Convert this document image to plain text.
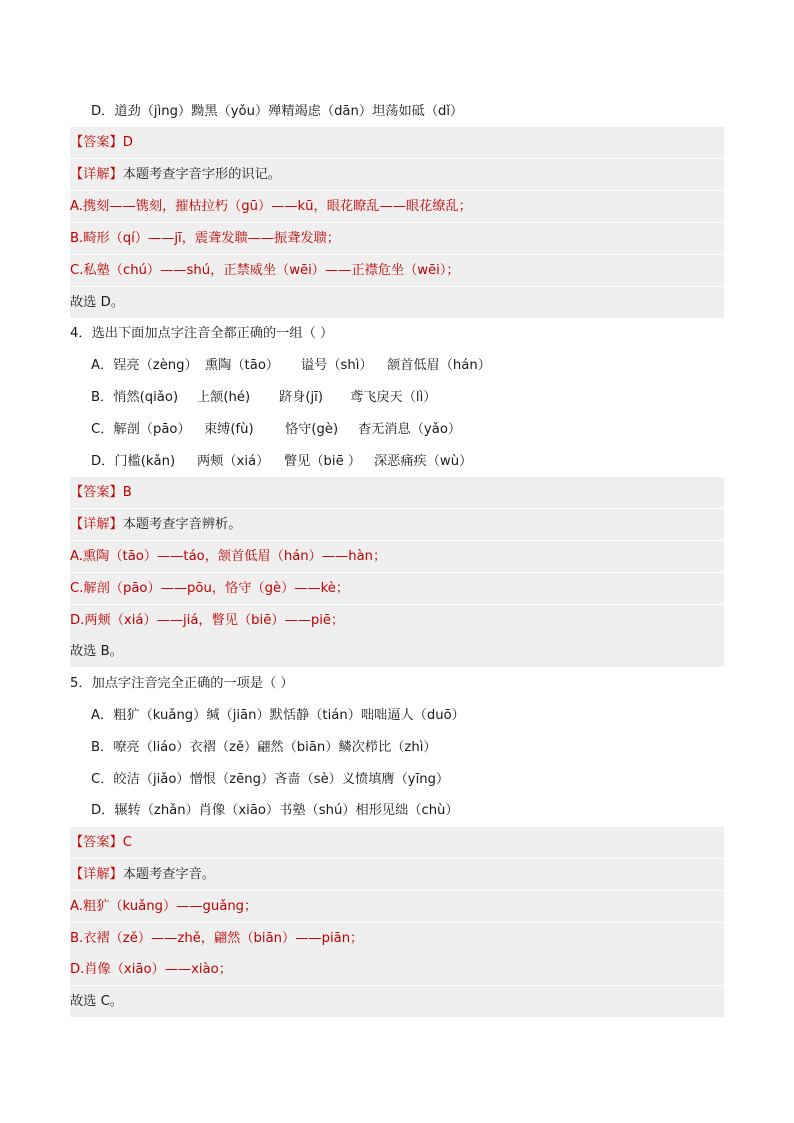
D．道劲（jìng）黝黑（yǒu）殚精竭虑（dān）坦荡如砥（dǐ）
【答案】D
【详解】本题考查字音字形的识记。
A.携刻——镌刻，摧枯拉朽（gū）——kū，眼花瞭乱——眼花缭乱；
B.畸形（qí）——jī，震聋发聩——振聋发聩；
C.私塾（chú）——shú，正禁威坐（wēi）——正襟危坐（wēi）；
故选 D。
4．选出下面加点字注音全都正确的一组（ ）
A．锃亮（zèng） 熏陶（tāo） 谥号（shì） 颔首低眉（hán）
B．悄然(qiǎo) 上颔(hé) 跻身(jī) 鸢飞戾天（lì）
C．解剖（pāo） 束缚(fù) 恪守(gè) 杳无消息（yǎo）
D．门槛(kǎn) 两颊（xiá） 瞥见（biē ） 深恶痛疾（wù）
【答案】B
【详解】本题考查字音辨析。
A.熏陶（tāo）——táo，颔首低眉（hán）——hàn；
C.解剖（pāo）——pōu，恪守（gè）——kè；
D.两颊（xiá）——jiá，瞥见（biē）——piē；
故选 B。
5．加点字注音完全正确的一项是（ ）
A．粗犷（kuǎng）缄（jiān）默恬静（tián）咄咄逼人（duō）
B．嘹亮（liáo）衣褶（zě）翩然（biān）鳞次栉比（zhì）
C．皎洁（jiǎo）憎恨（zēng）吝啬（sè）义愤填膺（yīng）
D．辗转（zhǎn）肖像（xiāo）书塾（shú）相形见绌（chù）
【答案】C
【详解】本题考查字音。
A.粗犷（kuǎng）——guǎng；
B.衣褶（zě）——zhě，翩然（biān）——piān；
D.肖像（xiāo）——xiào；
故选 C。
